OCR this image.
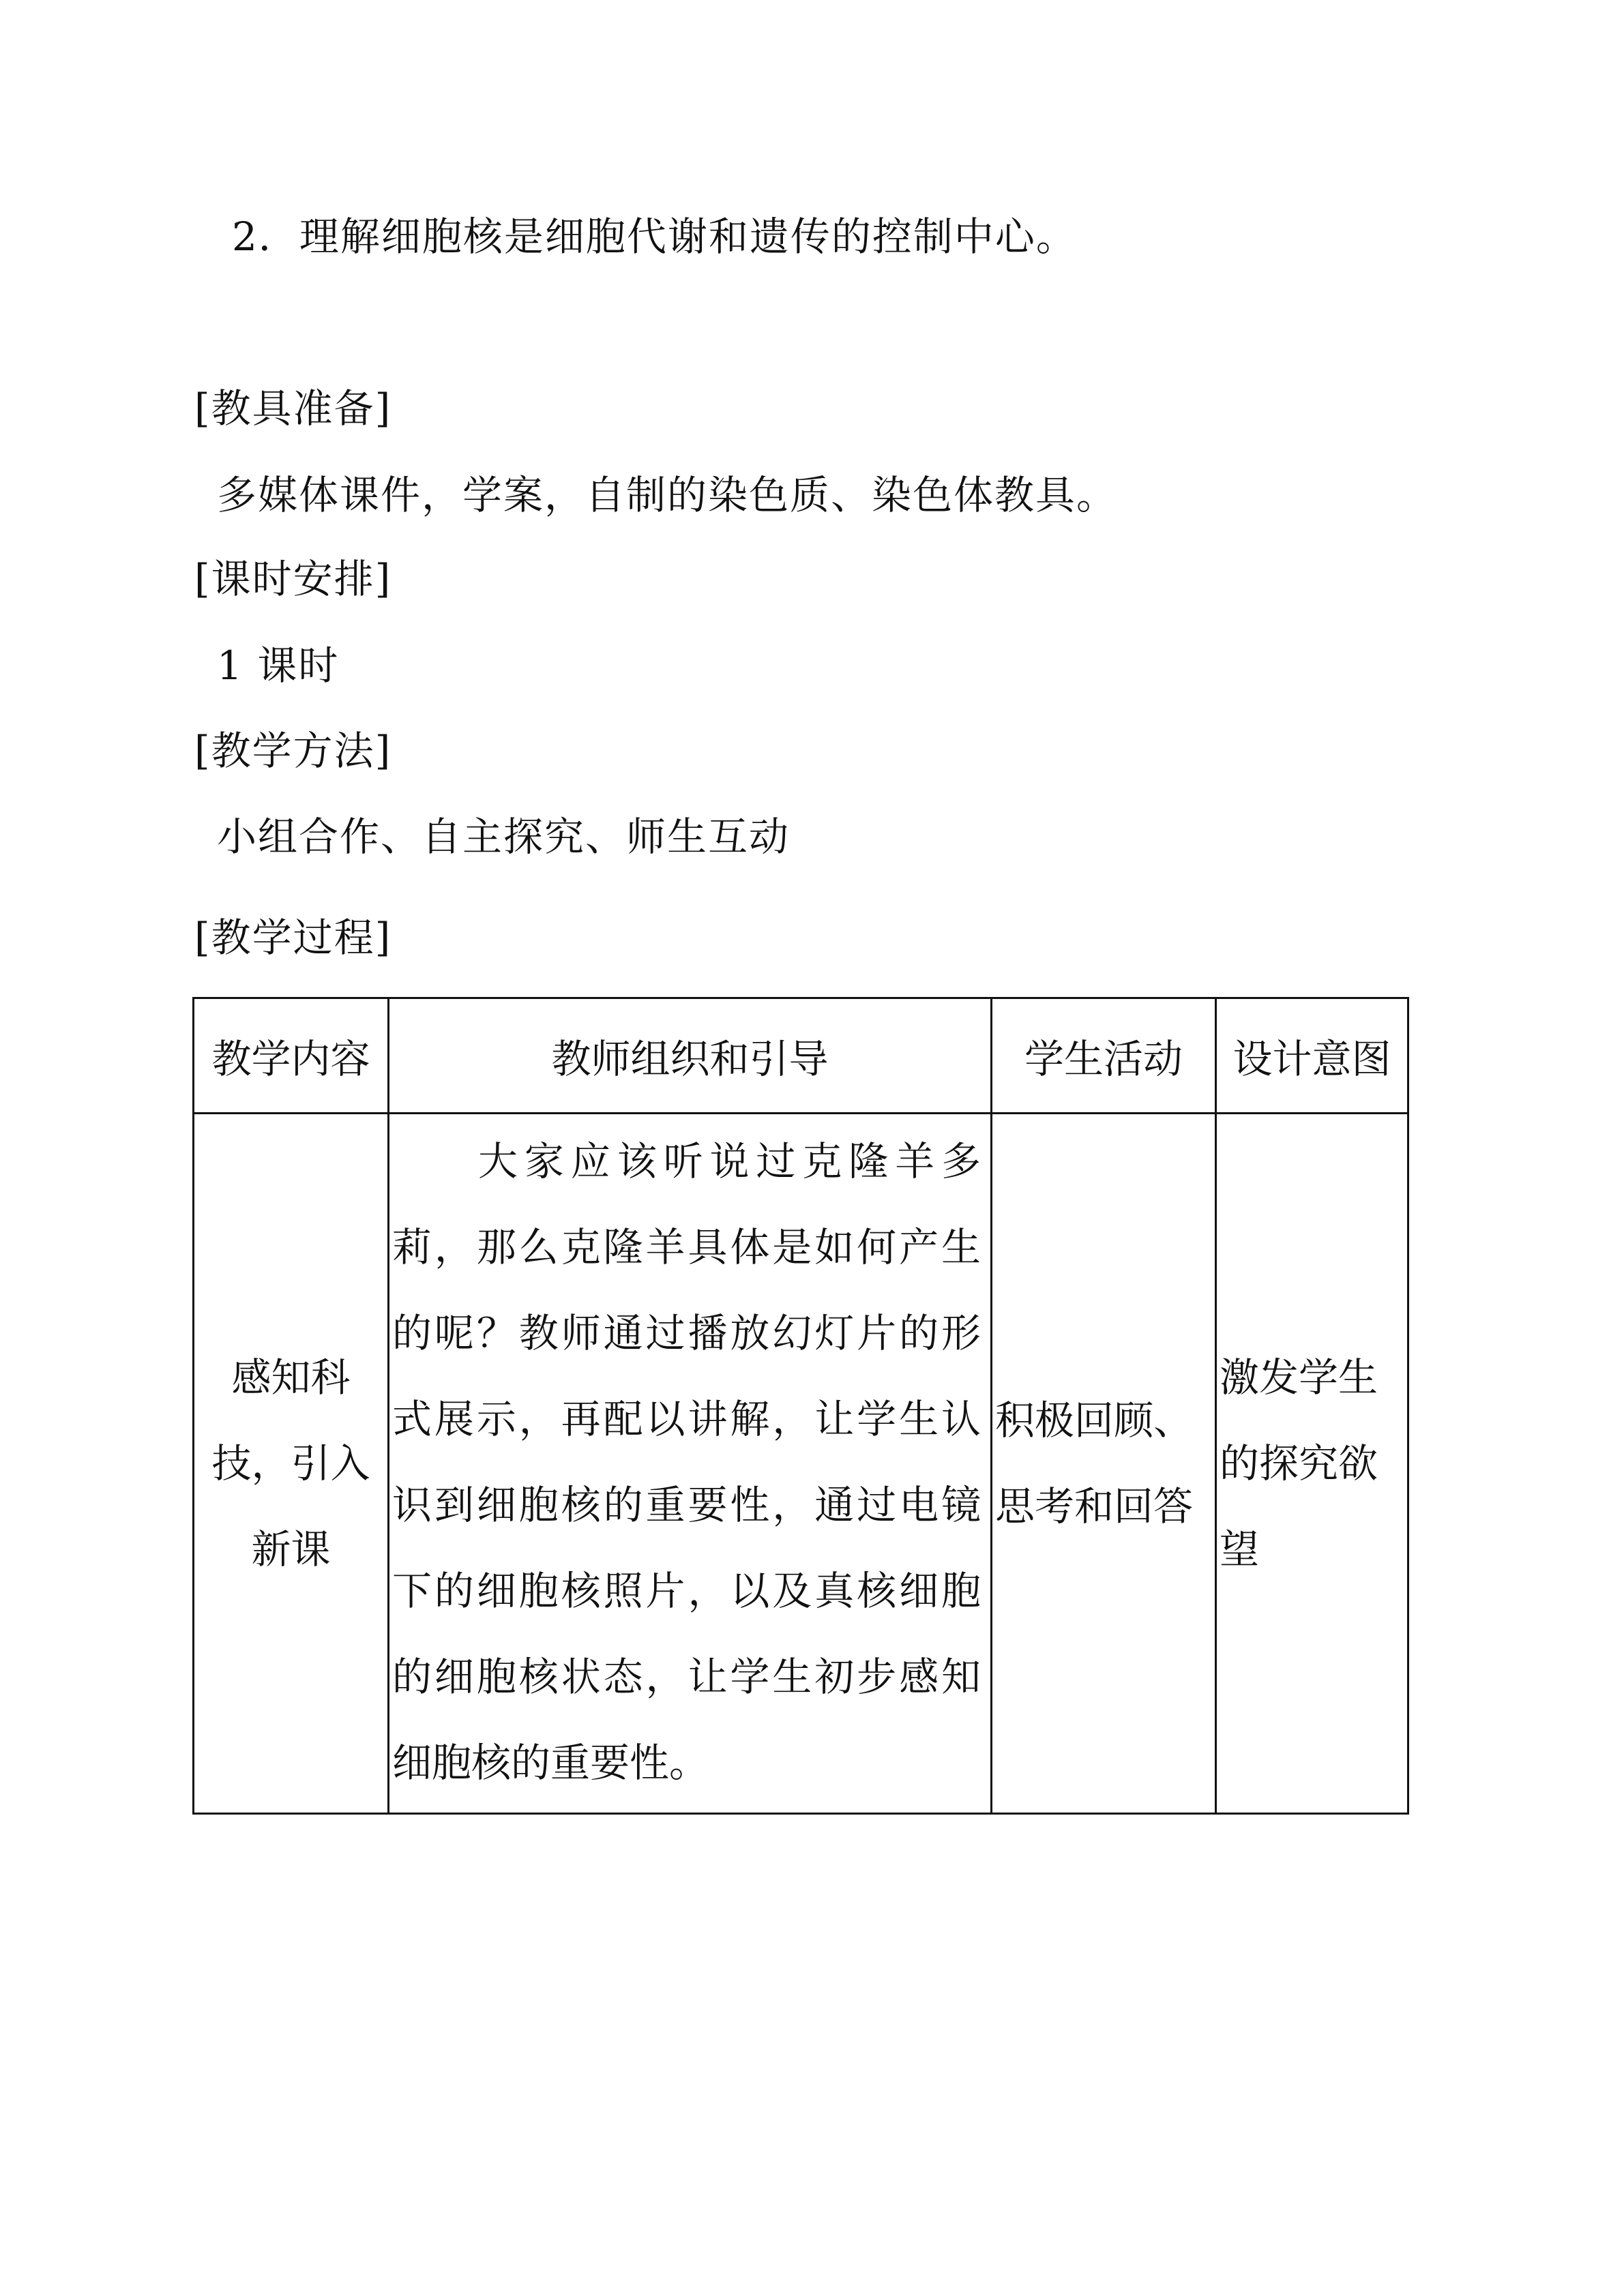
2．理解细胞核是细胞代谢和遗传的控制中心。
[教具准备]
多媒体课件，学案，自制的染色质、染色体教具。
[课时安排]
1 课时
[教学方法]
小组合作、自主探究、师生互动
[教学过程]
教学内容	教师组织和引导	学生活动	设计意图

感知科技，引入新课	大家应该听说过克隆羊多莉，那么克隆羊具体是如何产生的呢？教师通过播放幻灯片的形式展示，再配以讲解，让学生认识到细胞核的重要性，通过电镜下的细胞核照片，以及真核细胞的细胞核状态，让学生初步感知细胞核的重要性。	积极回顾、思考和回答	激发学生的探究欲望
